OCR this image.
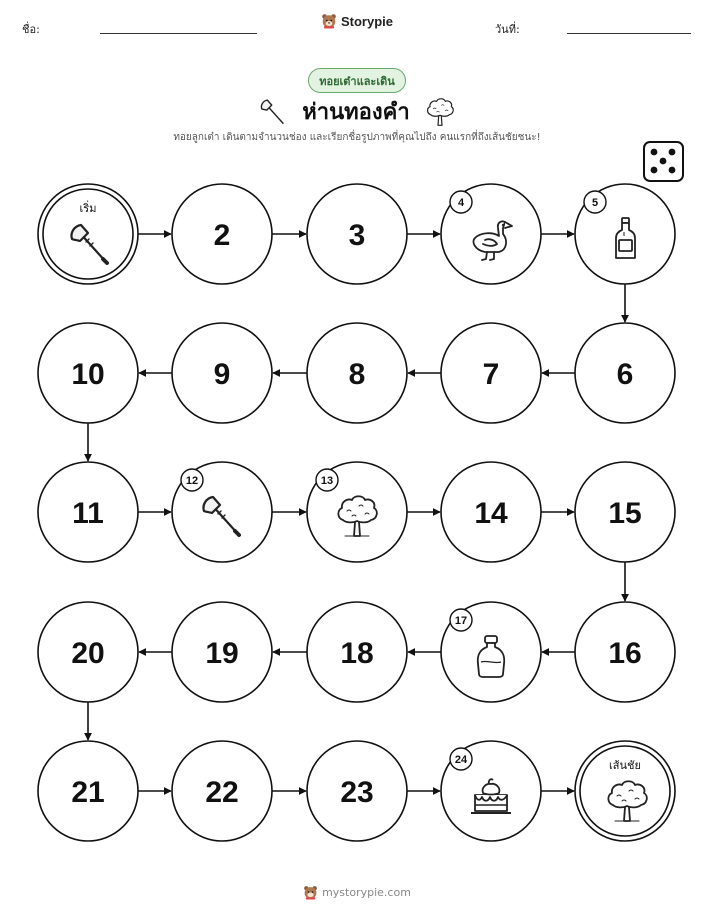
ชื่อ:
Storypie
วันที่:
ทอยเต๋าและเดิน
ห่านทองคำ
ทอยลูกเต๋า เดินตามจำนวนช่อง และเรียกชื่อรูปภาพที่คุณไปถึง คนแรกที่ถึงเส้นชัยชนะ!
เริ่ม
2	3
4	5
6
7
8
9
10
11
12	13
14	15
16
17
18
19
20
21	22	23
24	เส้นชัย
mystorypie.com
